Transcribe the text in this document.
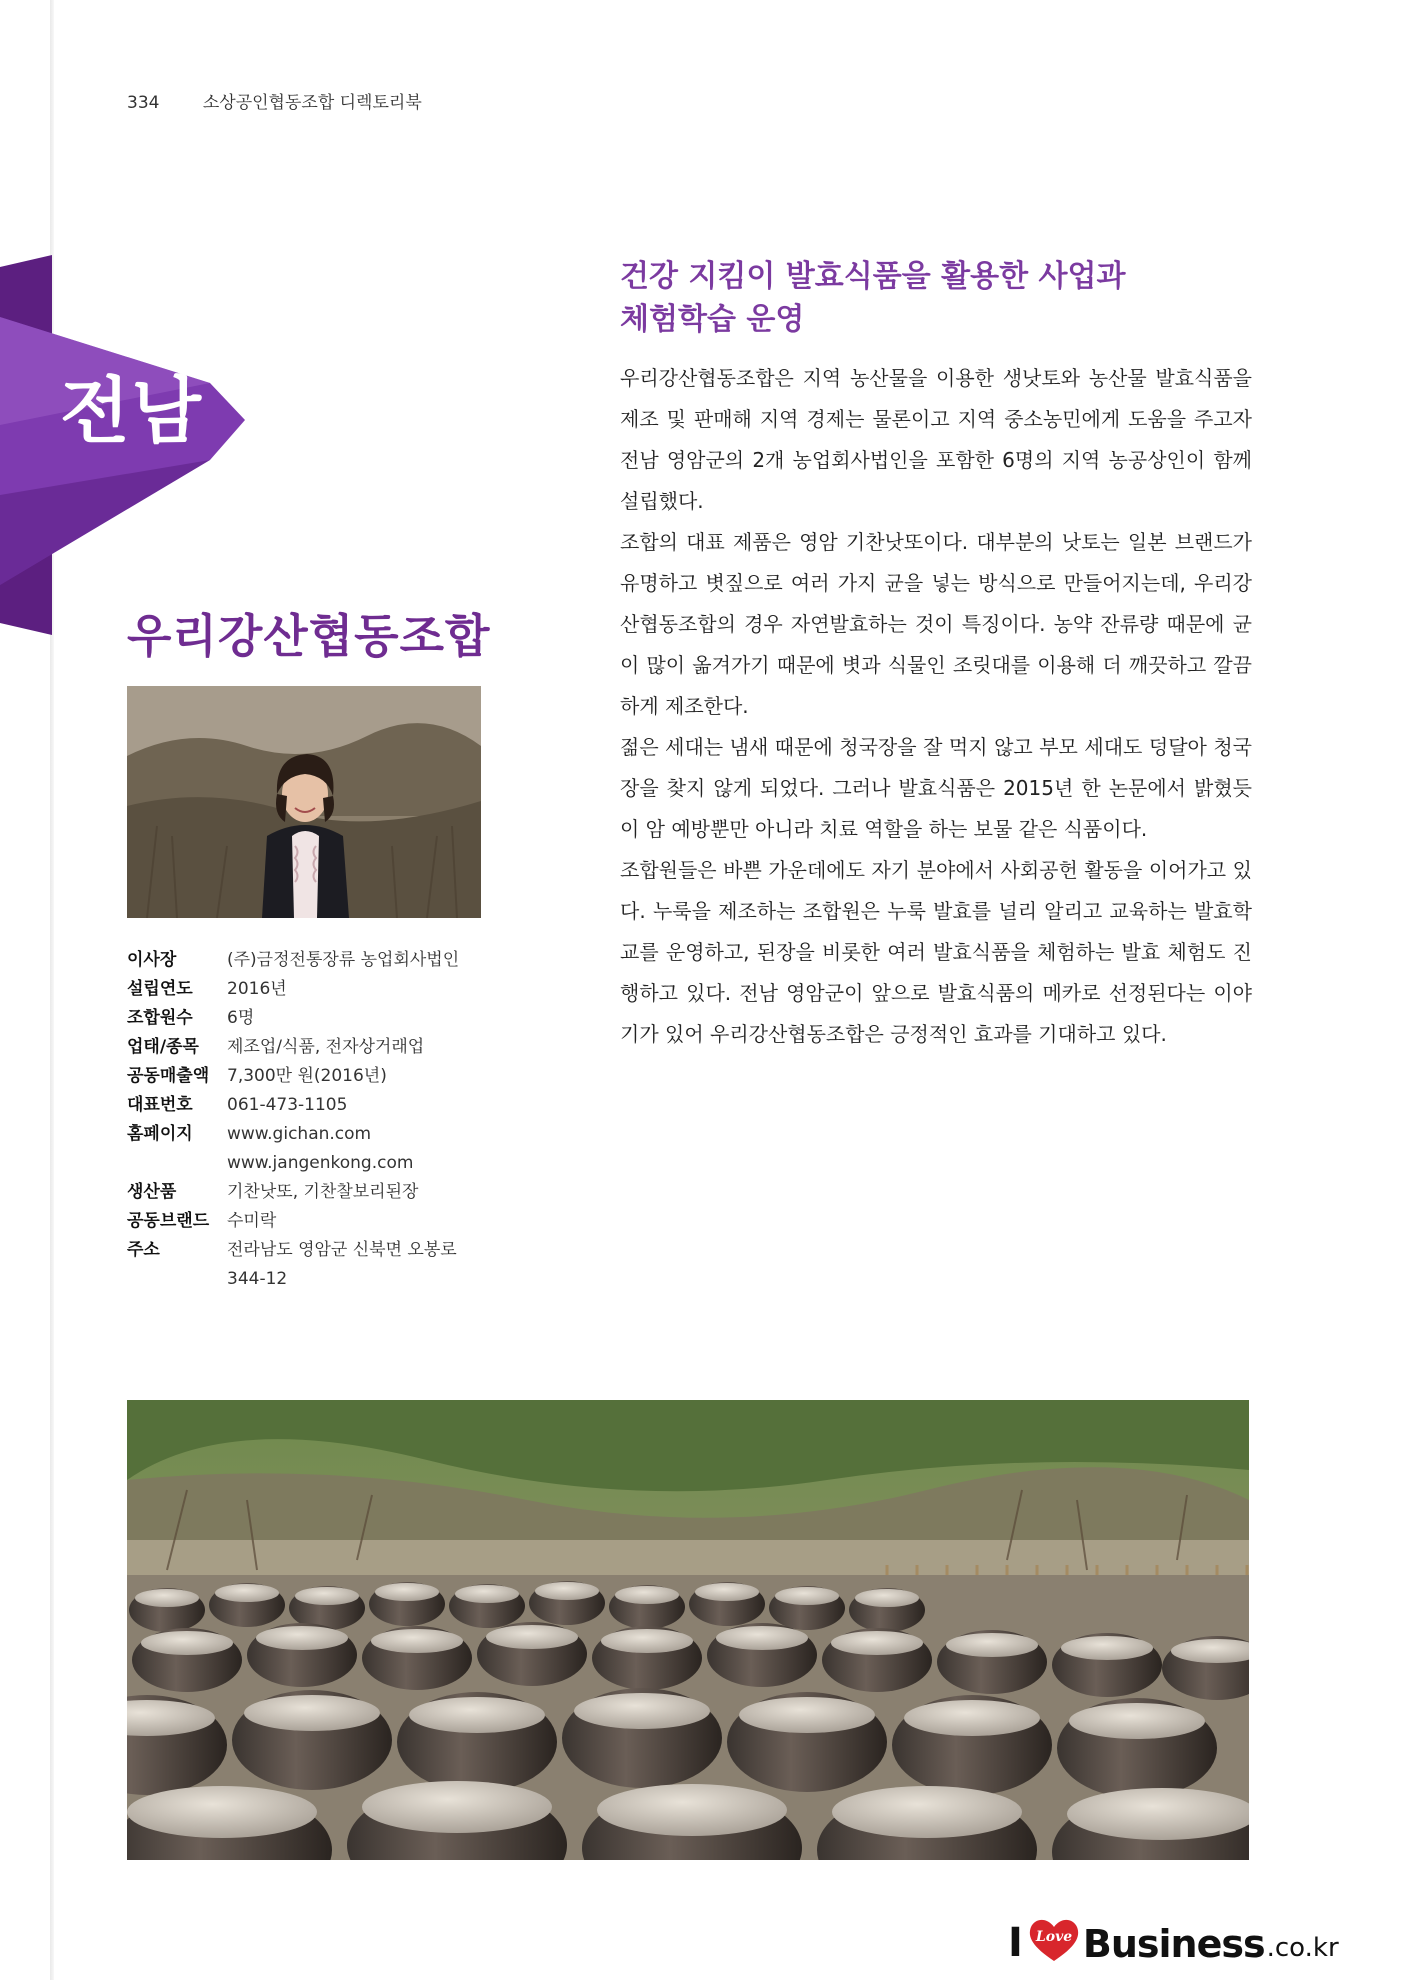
334	소상공인협동조합 디렉토리북
전남
우리강산협동조합
이사장	(주)금정전통장류 농업회사법인
설립연도	2016년
조합원수	6명
업태/종목	제조업/식품, 전자상거래업
공동매출액	7,300만 원(2016년)
대표번호	061-473-1105
홈페이지	www.gichan.com
www.jangenkong.com
생산품	기찬낫또, 기찬찰보리된장
공동브랜드	수미락
주소	전라남도 영암군 신북면 오봉로
344-12
건강 지킴이 발효식품을 활용한 사업과
체험학습 운영

우리강산협동조합은 지역 농산물을 이용한 생낫토와 농산물 발효식품을 제조 및 판매해 지역 경제는 물론이고 지역 중소농민에게 도움을 주고자 전남 영암군의 2개 농업회사법인을 포함한 6명의 지역 농공상인이 함께 설립했다.

조합의 대표 제품은 영암 기찬낫또이다. 대부분의 낫토는 일본 브랜드가 유명하고 볏짚으로 여러 가지 균을 넣는 방식으로 만들어지는데, 우리강산협동조합의 경우 자연발효하는 것이 특징이다. 농약 잔류량 때문에 균이 많이 옮겨가기 때문에 볏과 식물인 조릿대를 이용해 더 깨끗하고 깔끔하게 제조한다.

젊은 세대는 냄새 때문에 청국장을 잘 먹지 않고 부모 세대도 덩달아 청국장을 찾지 않게 되었다. 그러나 발효식품은 2015년 한 논문에서 밝혔듯이 암 예방뿐만 아니라 치료 역할을 하는 보물 같은 식품이다.

조합원들은 바쁜 가운데에도 자기 분야에서 사회공헌 활동을 이어가고 있다. 누룩을 제조하는 조합원은 누룩 발효를 널리 알리고 교육하는 발효학교를 운영하고, 된장을 비롯한 여러 발효식품을 체험하는 발효 체험도 진행하고 있다. 전남 영암군이 앞으로 발효식품의 메카로 선정된다는 이야기가 있어 우리강산협동조합은 긍정적인 효과를 기대하고 있다.

I Love Business .co.kr
